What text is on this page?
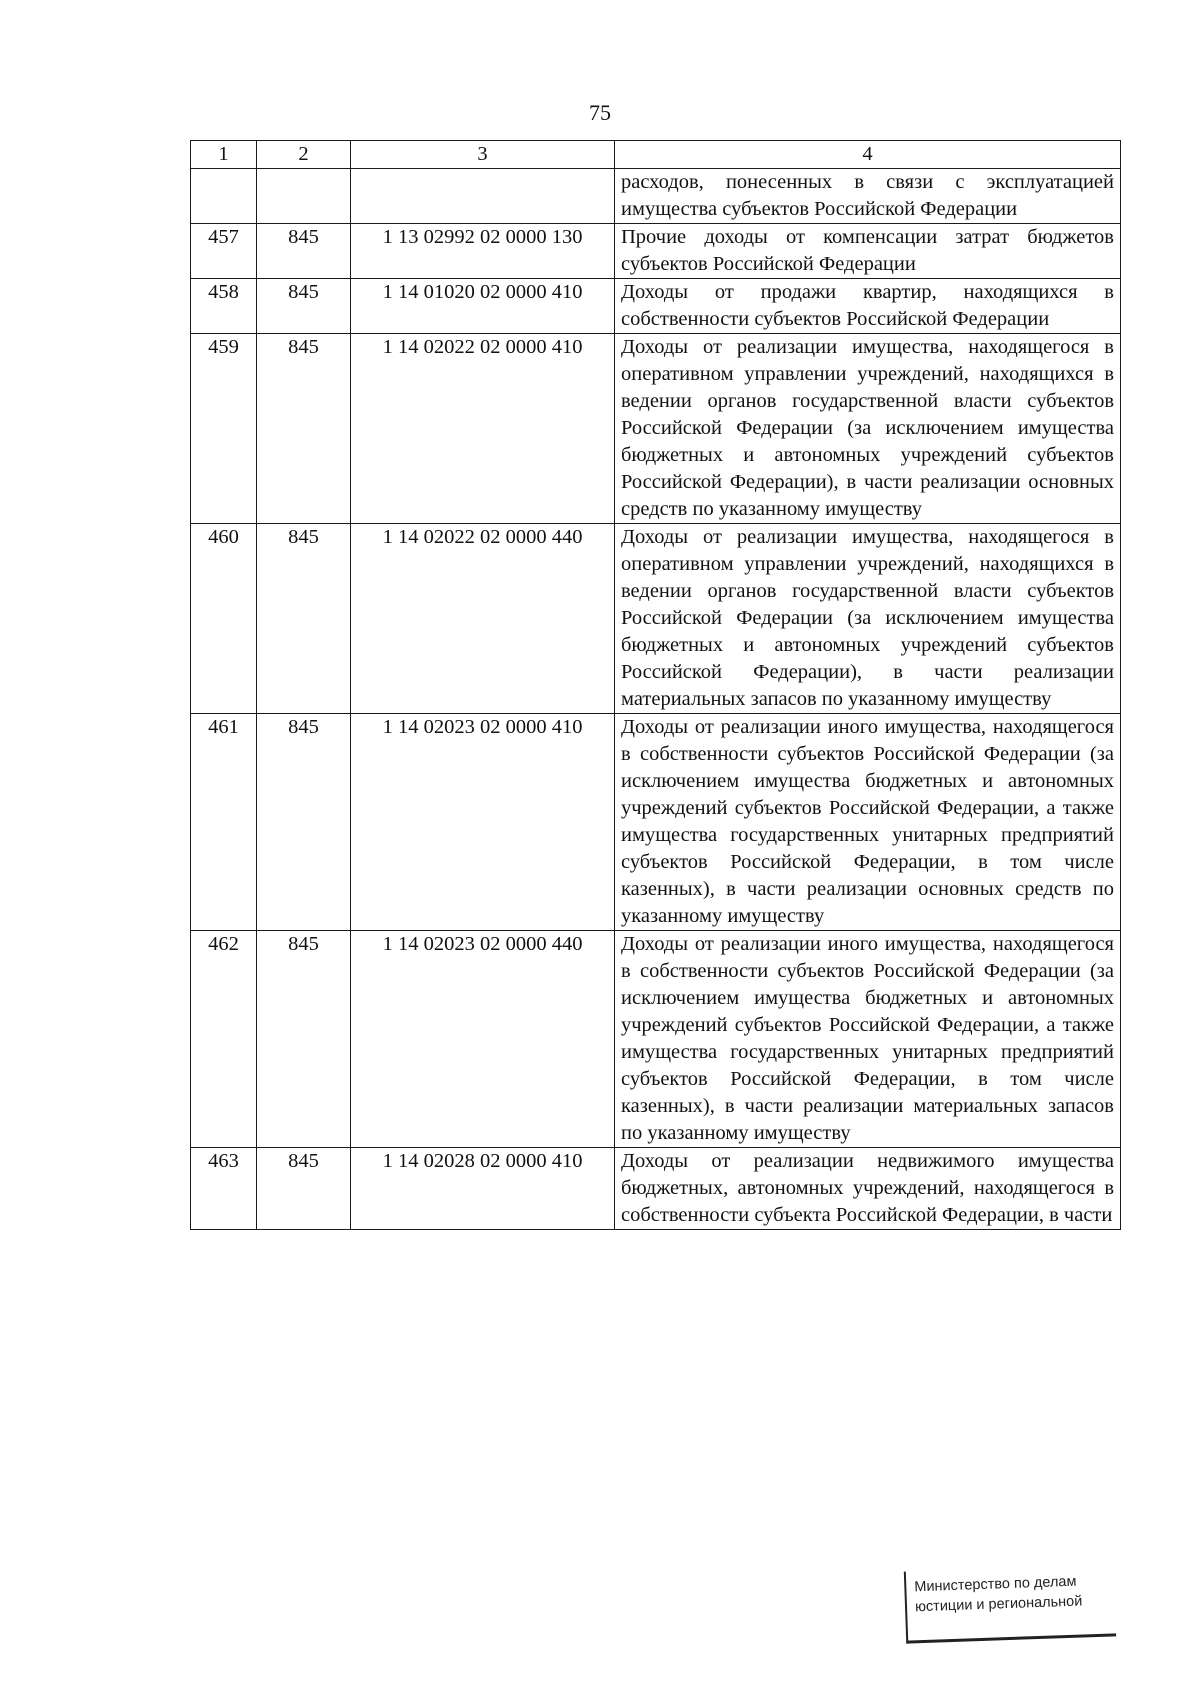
75
1	2	3	4
			расходов, понесенных в связи с эксплуатацией имущества субъектов Российской Федерации
457	845	1 13 02992 02 0000 130	Прочие доходы от компенсации затрат бюджетов субъектов Российской Федерации
458	845	1 14 01020 02 0000 410	Доходы от продажи квартир, находящихся в собственности субъектов Российской Федерации
459	845	1 14 02022 02 0000 410	Доходы от реализации имущества, находящегося в оперативном управлении учреждений, находящихся в ведении органов государственной власти субъектов Российской Федерации (за исключением имущества бюджетных и автономных учреждений субъектов Российской Федерации), в части реализации основных средств по указанному имуществу
460	845	1 14 02022 02 0000 440	Доходы от реализации имущества, находящегося в оперативном управлении учреждений, находящихся в ведении органов государственной власти субъектов Российской Федерации (за исключением имущества бюджетных и автономных учреждений субъектов Российской Федерации), в части реализации материальных запасов по указанному имуществу
461	845	1 14 02023 02 0000 410	Доходы от реализации иного имущества, находящегося в собственности субъектов Российской Федерации (за исключением имущества бюджетных и автономных учреждений субъектов Российской Федерации, а также имущества государственных унитарных предприятий субъектов Российской Федерации, в том числе казенных), в части реализации основных средств по указанному имуществу
462	845	1 14 02023 02 0000 440	Доходы от реализации иного имущества, находящегося в собственности субъектов Российской Федерации (за исключением имущества бюджетных и автономных учреждений субъектов Российской Федерации, а также имущества государственных унитарных предприятий субъектов Российской Федерации, в том числе казенных), в части реализации материальных запасов по указанному имуществу
463	845	1 14 02028 02 0000 410	Доходы от реализации недвижимого имущества бюджетных, автономных учреждений, находящегося в собственности субъекта Российской Федерации, в части
Министерство по делам
юстиции и региональной
